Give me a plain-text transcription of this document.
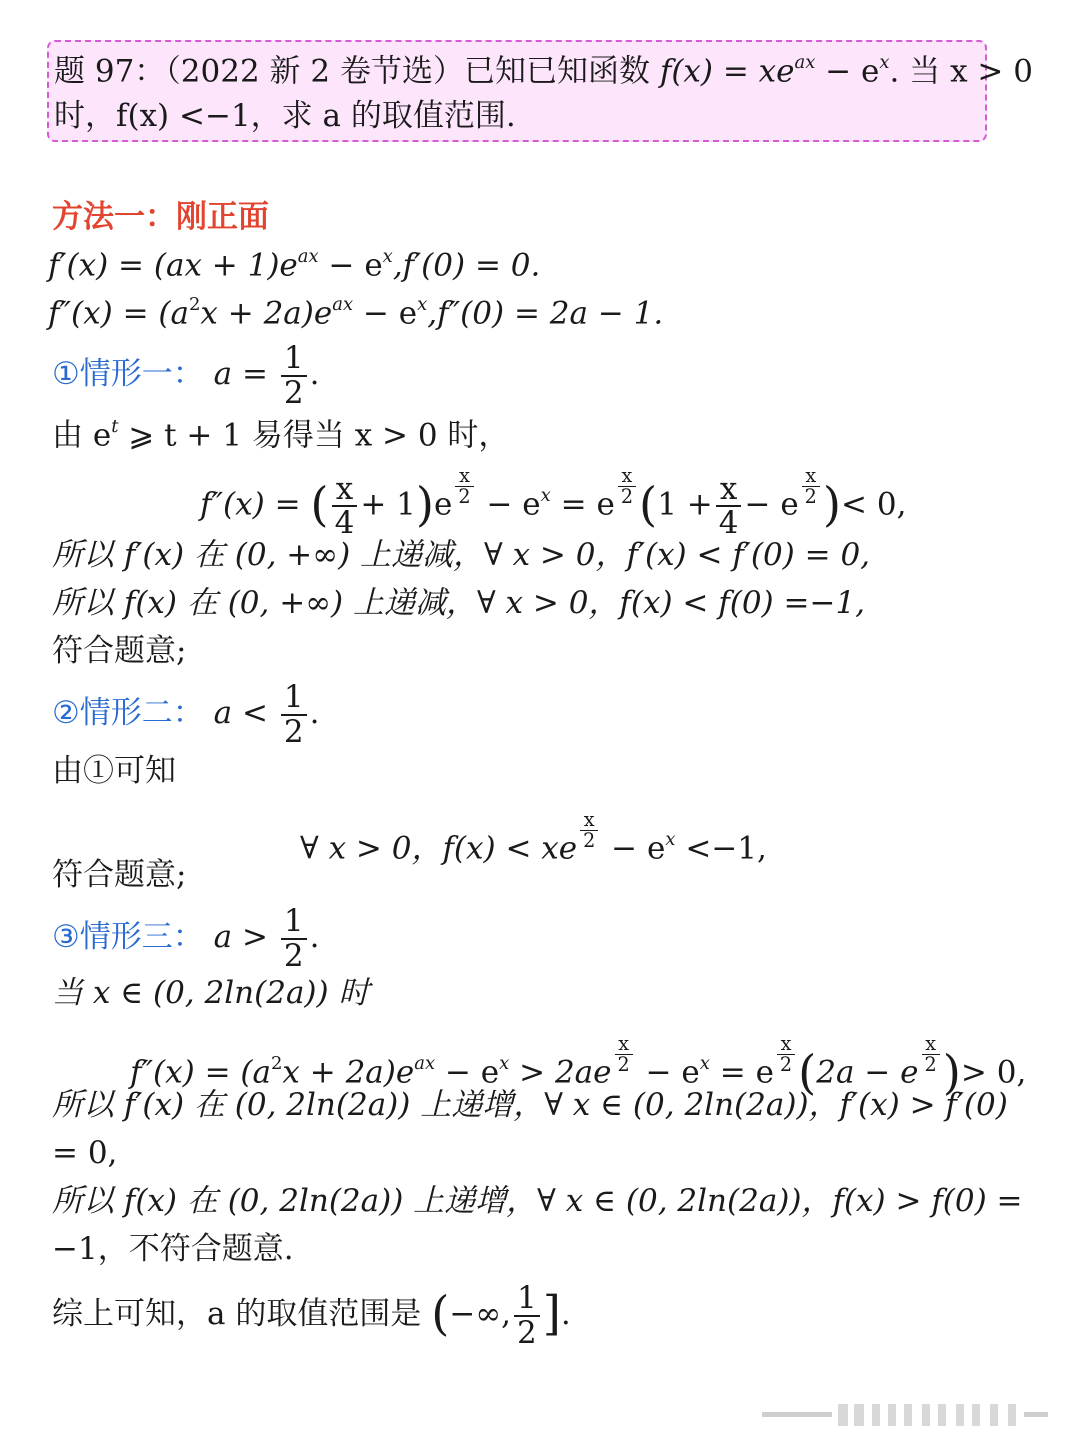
题 97：（2022 新 2 卷节选）已知已知函数 $f(x) = xe^{ax} - e^x$. 当 x > 0
时，f(x) <−1，求 a 的取值范围.
方法一：刚正面
$f'(x) = (ax + 1)e^{ax} - e^x,f'(0) = 0$.
$f''(x) = (a^2x + 2a)e^{ax} - e^x,f''(0) = 2a - 1$.
①情形一： $a = \frac{1}{2}$ .
由 $e^t$ ⩾ t + 1 易得当 x > 0 时，
f″(x) = ( $\frac{x}{4} + 1)e \frac{x}{2} - e^x = e \frac{x}{2} (1 + \frac{x}{4} - e \frac{x}{2}$ )< 0,
所以 f′(x) 在 (0, +∞) 上递减，∀ x > 0，f′(x) < f′(0) = 0,
所以 f(x) 在 (0, +∞) 上递减，∀ x > 0，f(x) < f(0) =−1,
符合题意;
②情形二： $a < \frac{1}{2}$ .
由①可知
∀ x > 0，f(x) < xe $\frac{x}{2} - e^x <-1$,
符合题意;
③情形三： $a > \frac{1}{2}$ .
当 x ∈ (0, 2ln(2a)) 时
$f''(x) = (a^2x + 2a)e^{ax} - e^x > 2ae \frac{x}{2} - e^x = e \frac{x}{2} (2a - e \frac{x}{2}$ )> 0,
所以 f′(x) 在 (0, 2ln(2a)) 上递增，∀ x ∈ (0, 2ln(2a))，f′(x) > f′(0)
= 0,
所以 f(x) 在 (0, 2ln(2a)) 上递增，∀ x ∈ (0, 2ln(2a))，f(x) > f(0) =
−1，不符合题意.
综上可知，a 的取值范围是 (−∞, $\frac{1}{2}$ ].
